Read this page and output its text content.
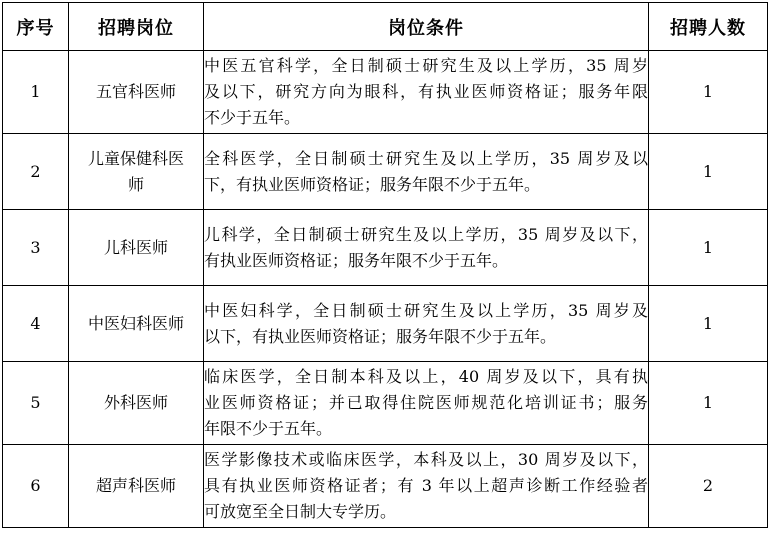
序号	招聘岗位	岗位条件	招聘人数
1	五官科医师	中医五官科学，全日制硕士研究生及以上学历，35 周岁
及以下，研究方向为眼科，有执业医师资格证；服务年限
不少于五年。	1
2	儿童保健科医
师	全科医学，全日制硕士研究生及以上学历，35 周岁及以
下，有执业医师资格证；服务年限不少于五年。	1
3	儿科医师	儿科学，全日制硕士研究生及以上学历，35 周岁及以下，
有执业医师资格证；服务年限不少于五年。	1
4	中医妇科医师	中医妇科学，全日制硕士研究生及以上学历，35 周岁及
以下，有执业医师资格证；服务年限不少于五年。	1
5	外科医师	临床医学，全日制本科及以上，40 周岁及以下，具有执
业医师资格证；并已取得住院医师规范化培训证书；服务
年限不少于五年。	1
6	超声科医师	医学影像技术或临床医学，本科及以上，30 周岁及以下，
具有执业医师资格证者；有 3 年以上超声诊断工作经验者
可放宽至全日制大专学历。	2
